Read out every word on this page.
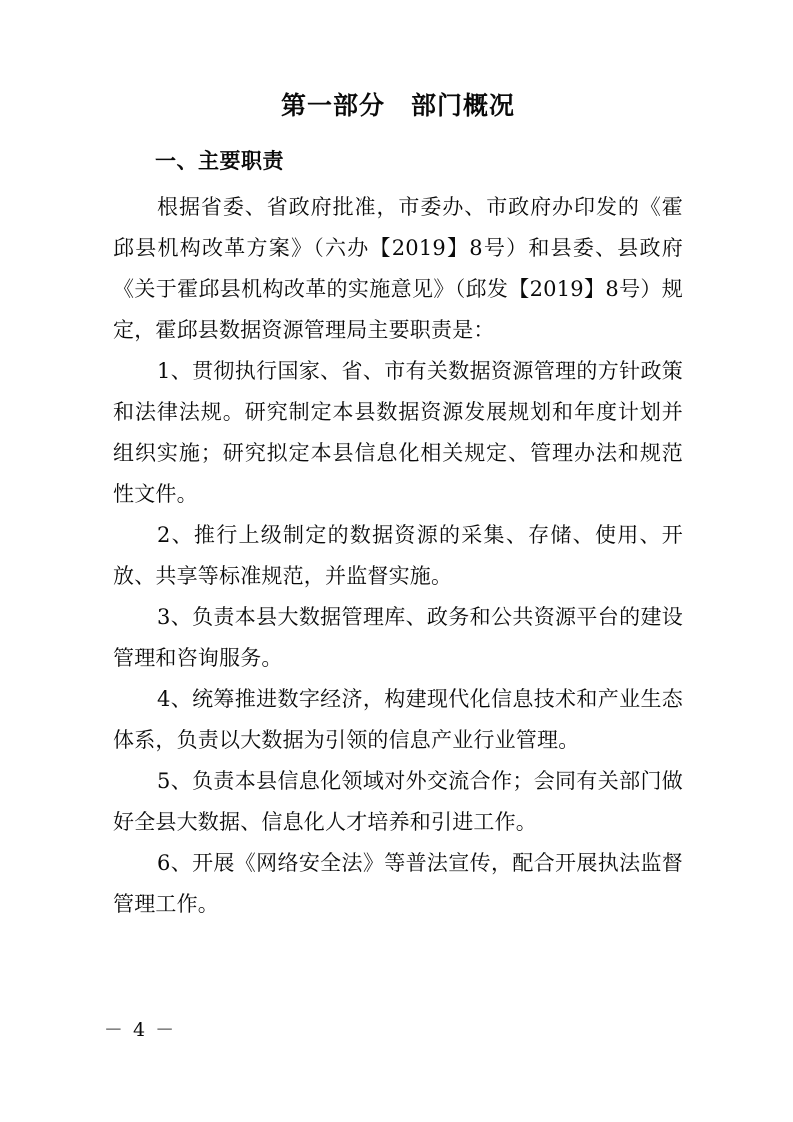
第一部分 部门概况
一、主要职责

根据省委、省政府批准，市委办、市政府办印发的《霍邱县机构改革方案》（六办【2019】8号）和县委、县政府《关于霍邱县机构改革的实施意见》（邱发【2019】8号）规定，霍邱县数据资源管理局主要职责是：

1、贯彻执行国家、省、市有关数据资源管理的方针政策和法律法规。研究制定本县数据资源发展规划和年度计划并组织实施；研究拟定本县信息化相关规定、管理办法和规范性文件。

2、推行上级制定的数据资源的采集、存储、使用、开放、共享等标准规范，并监督实施。

3、负责本县大数据管理库、政务和公共资源平台的建设管理和咨询服务。

4、统筹推进数字经济，构建现代化信息技术和产业生态体系，负责以大数据为引领的信息产业行业管理。

5、负责本县信息化领域对外交流合作；会同有关部门做好全县大数据、信息化人才培养和引进工作。

6、开展《网络安全法》等普法宣传，配合开展执法监督管理工作。

－ 4 －
